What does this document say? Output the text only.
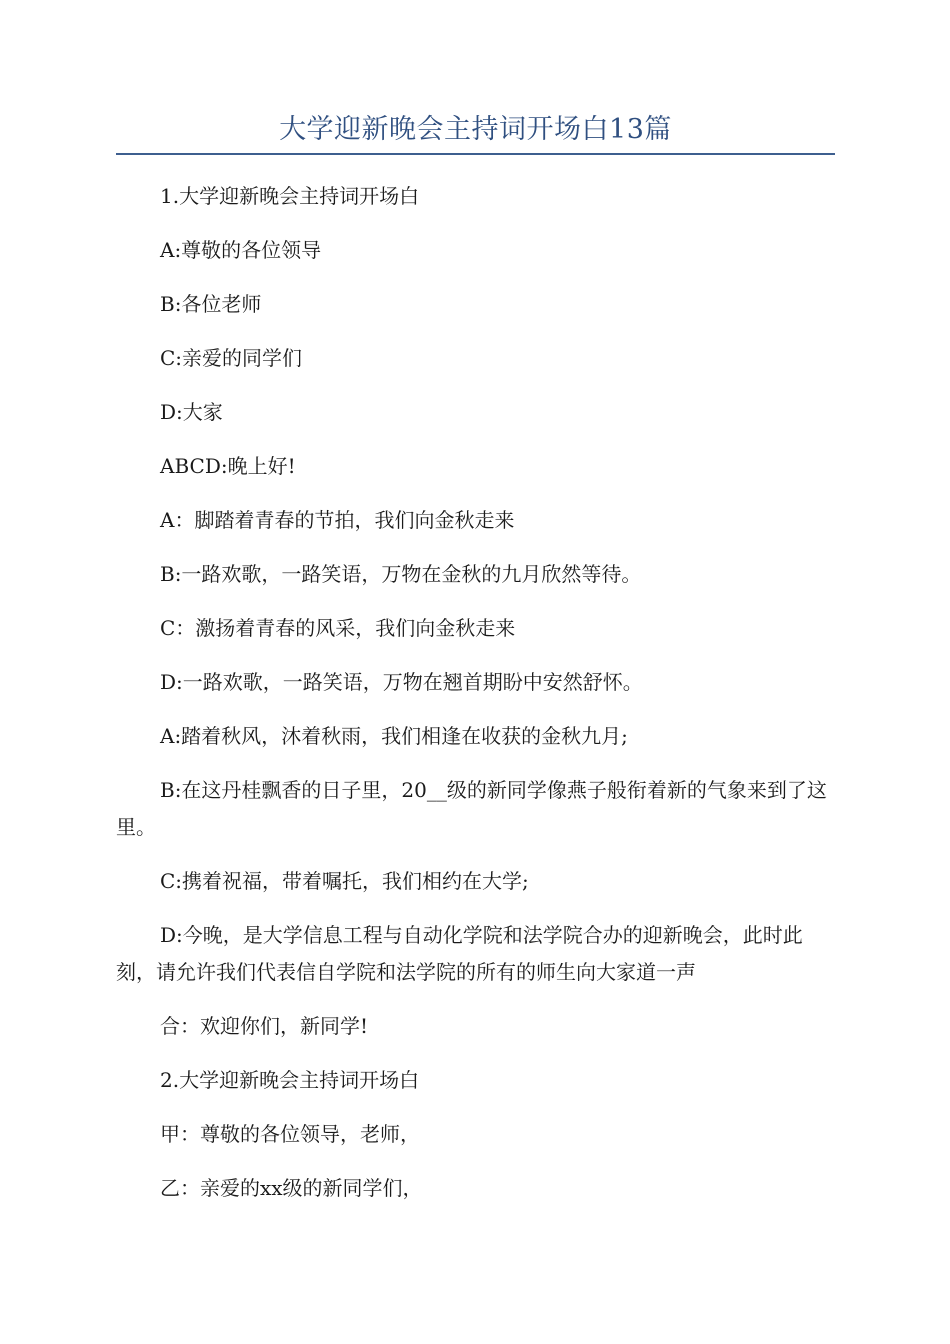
大学迎新晚会主持词开场白13篇

1.大学迎新晚会主持词开场白

A:尊敬的各位领导

B:各位老师

C:亲爱的同学们

D:大家

ABCD:晚上好!

A：脚踏着青春的节拍，我们向金秋走来

B:一路欢歌，一路笑语，万物在金秋的九月欣然等待。

C：激扬着青春的风采，我们向金秋走来

D:一路欢歌，一路笑语，万物在翘首期盼中安然舒怀。

A:踏着秋风，沐着秋雨，我们相逢在收获的金秋九月;

B:在这丹桂飘香的日子里，20__级的新同学像燕子般衔着新的气象来到了这里。

C:携着祝福，带着嘱托，我们相约在大学;

D:今晚，是大学信息工程与自动化学院和法学院合办的迎新晚会，此时此刻，请允许我们代表信自学院和法学院的所有的师生向大家道一声

合：欢迎你们，新同学!

2.大学迎新晚会主持词开场白

甲：尊敬的各位领导，老师，

乙：亲爱的xx级的新同学们，
